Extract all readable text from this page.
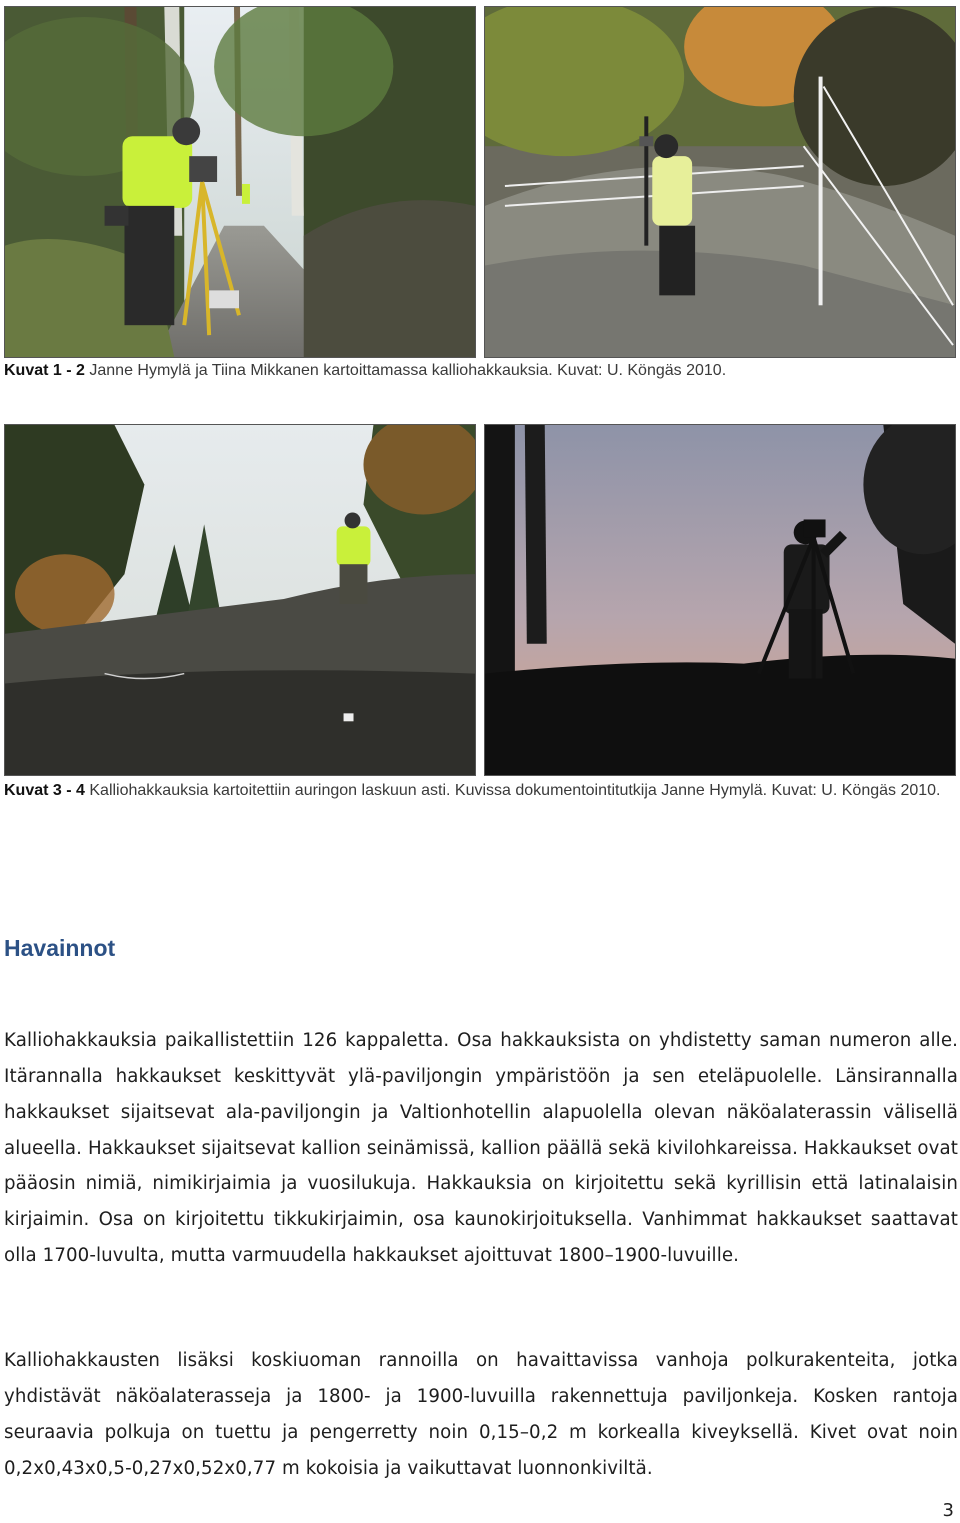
Kuvat 1 - 2 Janne Hymylä ja Tiina Mikkanen kartoittamassa kalliohakkauksia. Kuvat: U. Köngäs 2010.
Kuvat 3 - 4 Kalliohakkauksia kartoitettiin auringon laskuun asti. Kuvissa dokumentointitutkija Janne Hymylä. Kuvat: U. Köngäs 2010.
Havainnot

Kalliohakkauksia paikallistettiin 126 kappaletta. Osa hakkauksista on yhdistetty saman numeron alle. Itärannalla hakkaukset keskittyvät ylä-paviljongin ympäristöön ja sen eteläpuolelle. Länsirannalla hakkaukset sijaitsevat ala-paviljongin ja Valtionhotellin alapuolella olevan näköalaterassin välisellä alueella. Hakkaukset sijaitsevat kallion seinämissä, kallion päällä sekä kivilohkareissa. Hakkaukset ovat pääosin nimiä, nimikirjaimia ja vuosilukuja. Hakkauksia on kirjoitettu sekä kyrillisin että latinalaisin kirjaimin. Osa on kirjoitettu tikkukirjaimin, osa kaunokirjoituksella. Vanhimmat hakkaukset saattavat olla 1700-luvulta, mutta varmuudella hakkaukset ajoittuvat 1800–1900-luvuille.

Kalliohakkausten lisäksi koskiuoman rannoilla on havaittavissa vanhoja polkurakenteita, jotka yhdistävät näköalaterasseja ja 1800- ja 1900-luvuilla rakennettuja paviljonkeja. Kosken rantoja seuraavia polkuja on tuettu ja pengerretty noin 0,15–0,2 m korkealla kiveyksellä. Kivet ovat noin 0,2x0,43x0,5-0,27x0,52x0,77 m kokoisia ja vaikuttavat luonnonkiviltä.

3
